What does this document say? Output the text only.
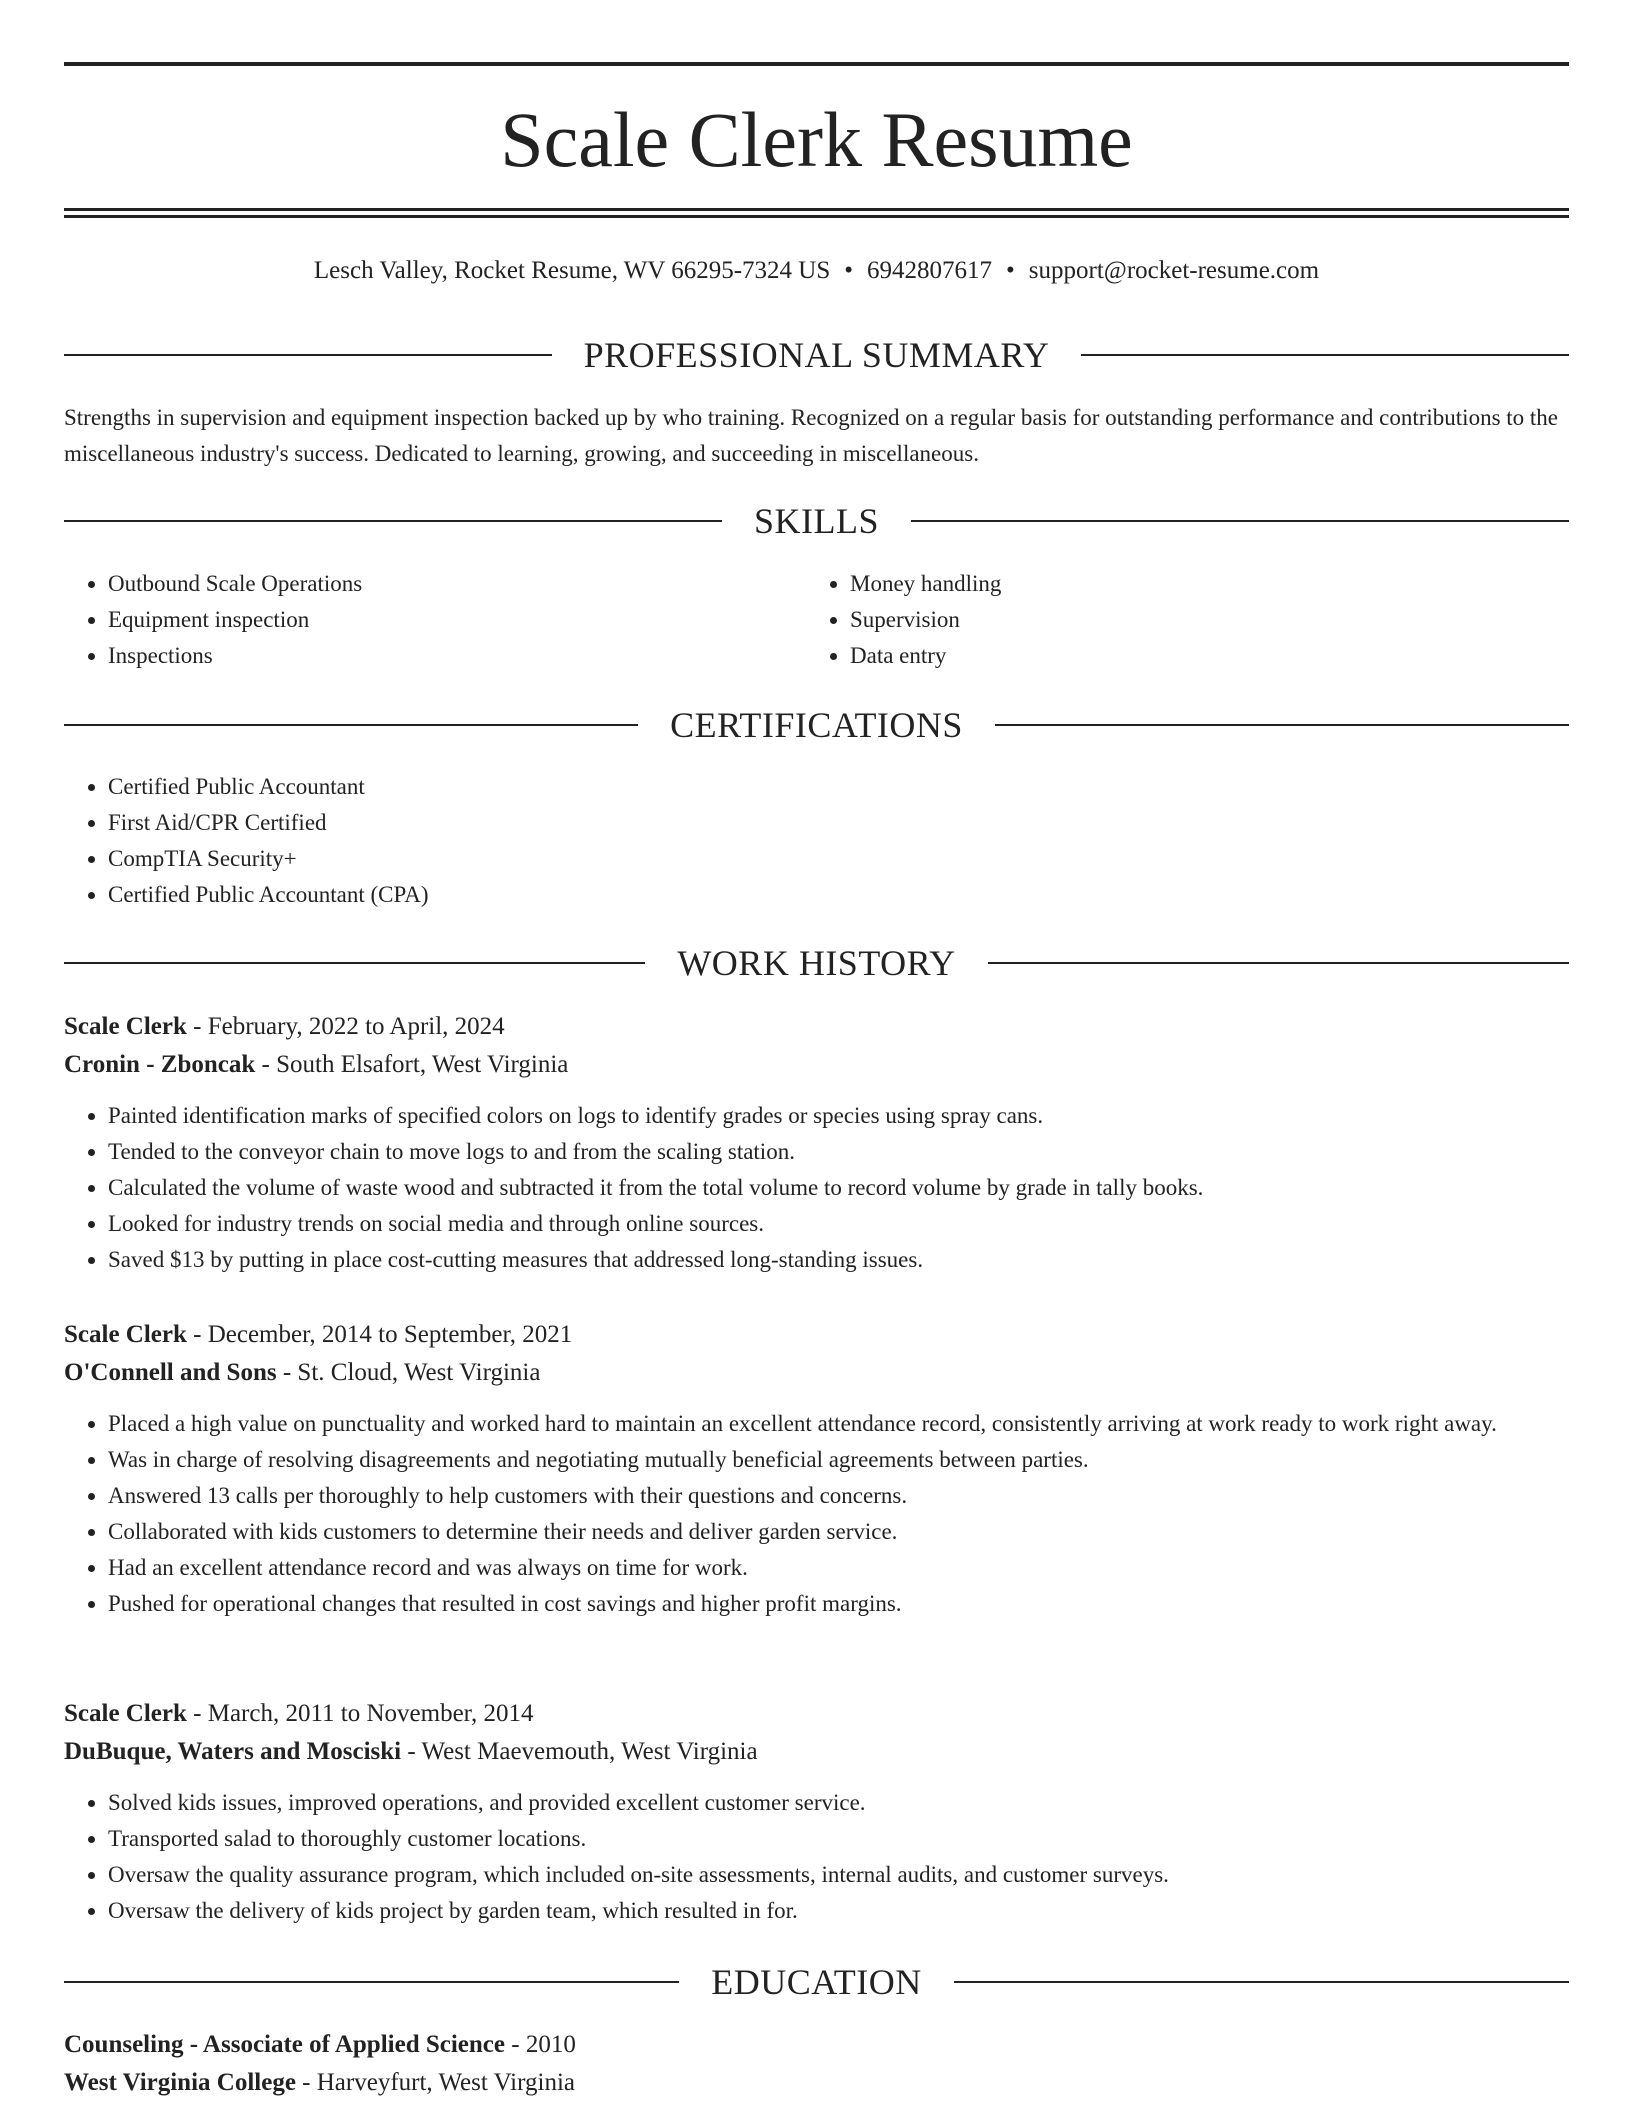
Scale Clerk Resume
Lesch Valley, Rocket Resume, WV 66295-7324 US • 6942807617 • support@rocket-resume.com
PROFESSIONAL SUMMARY
Strengths in supervision and equipment inspection backed up by who training. Recognized on a regular basis for outstanding performance and contributions to the miscellaneous industry's success. Dedicated to learning, growing, and succeeding in miscellaneous.
SKILLS
• Outbound Scale Operations
• Equipment inspection
• Inspections
• Money handling
• Supervision
• Data entry
CERTIFICATIONS
• Certified Public Accountant
• First Aid/CPR Certified
• CompTIA Security+
• Certified Public Accountant (CPA)
WORK HISTORY
Scale Clerk - February, 2022 to April, 2024
Cronin - Zboncak - South Elsafort, West Virginia
• Painted identification marks of specified colors on logs to identify grades or species using spray cans.
• Tended to the conveyor chain to move logs to and from the scaling station.
• Calculated the volume of waste wood and subtracted it from the total volume to record volume by grade in tally books.
• Looked for industry trends on social media and through online sources.
• Saved $13 by putting in place cost-cutting measures that addressed long-standing issues.
Scale Clerk - December, 2014 to September, 2021
O'Connell and Sons - St. Cloud, West Virginia
• Placed a high value on punctuality and worked hard to maintain an excellent attendance record, consistently arriving at work ready to work right away.
• Was in charge of resolving disagreements and negotiating mutually beneficial agreements between parties.
• Answered 13 calls per thoroughly to help customers with their questions and concerns.
• Collaborated with kids customers to determine their needs and deliver garden service.
• Had an excellent attendance record and was always on time for work.
• Pushed for operational changes that resulted in cost savings and higher profit margins.
Scale Clerk - March, 2011 to November, 2014
DuBuque, Waters and Mosciski - West Maevemouth, West Virginia
• Solved kids issues, improved operations, and provided excellent customer service.
• Transported salad to thoroughly customer locations.
• Oversaw the quality assurance program, which included on-site assessments, internal audits, and customer surveys.
• Oversaw the delivery of kids project by garden team, which resulted in for.
EDUCATION
Counseling - Associate of Applied Science - 2010
West Virginia College - Harveyfurt, West Virginia
